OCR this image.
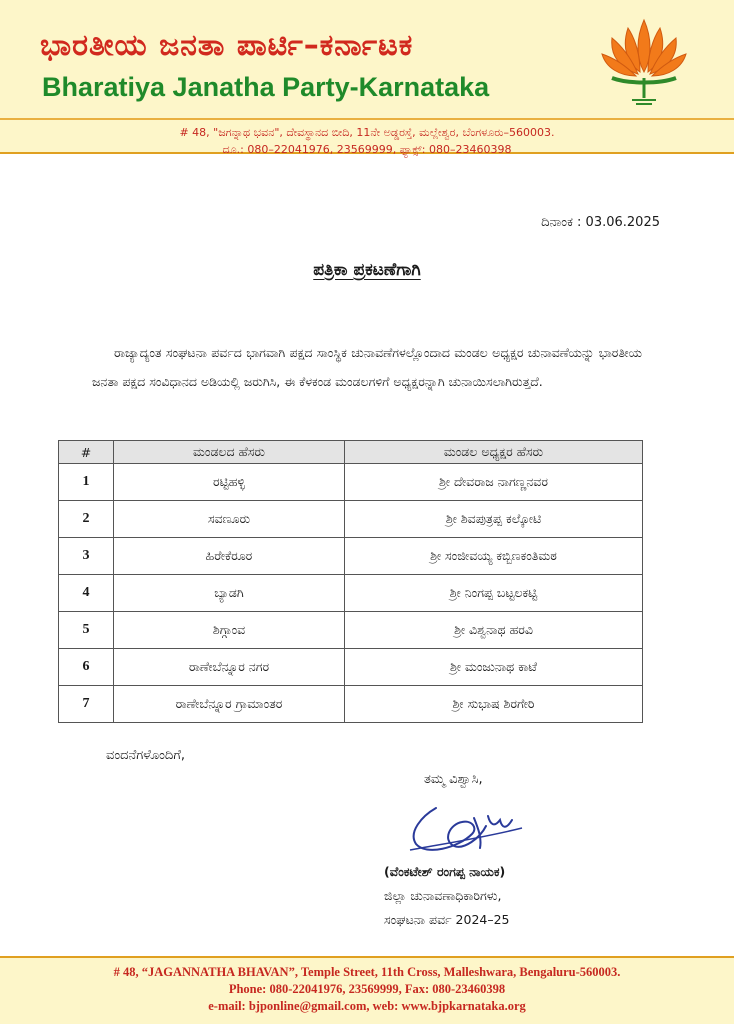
ಭಾರತೀಯ ಜನತಾ ಪಾರ್ಟಿ–ಕರ್ನಾಟಕ
Bharatiya Janatha Party-Karnataka
# 48, "ಜಗನ್ನಾಥ ಭವನ", ದೇವಸ್ಥಾನದ ಬೀದಿ, 11ನೇ ಅಡ್ಡರಸ್ತೆ, ಮಲ್ಲೇಶ್ವರ, ಬೆಂಗಳೂರು–560003.
ದೂ.: 080–22041976, 23569999, ಫ್ಯಾಕ್ಸ್: 080–23460398
ದಿನಾಂಕ : 03.06.2025
ಪತ್ರಿಕಾ ಪ್ರಕಟಣೆಗಾಗಿ
ರಾಜ್ಯಾದ್ಯಂತ ಸಂಘಟನಾ ಪರ್ವದ ಭಾಗವಾಗಿ ಪಕ್ಷದ ಸಾಂಸ್ಥಿಕ ಚುನಾವಣೆಗಳಲ್ಲೊಂದಾದ ಮಂಡಲ ಅಧ್ಯಕ್ಷರ ಚುನಾವಣೆಯನ್ನು ಭಾರತೀಯ ಜನತಾ ಪಕ್ಷದ ಸಂವಿಧಾನದ ಅಡಿಯಲ್ಲಿ ಜರುಗಿಸಿ, ಈ ಕೆಳಕಂಡ ಮಂಡಲಗಳಿಗೆ ಅಧ್ಯಕ್ಷರನ್ನಾಗಿ ಚುನಾಯಿಸಲಾಗಿರುತ್ತದೆ.
#	ಮಂಡಲದ ಹೆಸರು	ಮಂಡಲ ಅಧ್ಯಕ್ಷರ ಹೆಸರು
1	ರಟ್ಟಿಹಳ್ಳಿ	ಶ್ರೀ ದೇವರಾಜ ನಾಗಣ್ಣನವರ
2	ಸವಣೂರು	ಶ್ರೀ ಶಿವಪುತ್ರಪ್ಪ ಕಲ್ಕೋಟಿ
3	ಹಿರೇಕೆರೂರ	ಶ್ರೀ ಸಂಜೀವಯ್ಯ ಕಬ್ಬಿಣಕಂತಿಮಠ
4	ಬ್ಯಾಡಗಿ	ಶ್ರೀ ನಿಂಗಪ್ಪ ಬಟ್ಟಲಕಟ್ಟಿ
5	ಶಿಗ್ಗಾಂವ	ಶ್ರೀ ವಿಶ್ವನಾಥ ಹರವಿ
6	ರಾಣೇಬೆನ್ನೂರ ನಗರ	ಶ್ರೀ ಮಂಜುನಾಥ ಕಾಟೆ
7	ರಾಣೇಬೆನ್ನೂರ ಗ್ರಾಮಾಂತರ	ಶ್ರೀ ಸುಭಾಷ ಶಿರಗೇರಿ
ವಂದನೆಗಳೊಂದಿಗೆ,
ತಮ್ಮ ವಿಶ್ವಾಸಿ,
(ವೆಂಕಟೇಶ್ ರಂಗಪ್ಪ ನಾಯಕ)
ಜಿಲ್ಲಾ ಚುನಾವಣಾಧಿಕಾರಿಗಳು,
ಸಂಘಟನಾ ಪರ್ವ 2024–25
# 48, “JAGANNATHA BHAVAN”, Temple Street, 11th Cross, Malleshwara, Bengaluru-560003.
Phone: 080-22041976, 23569999, Fax: 080-23460398
e-mail: bjponline@gmail.com, web: www.bjpkarnataka.org
